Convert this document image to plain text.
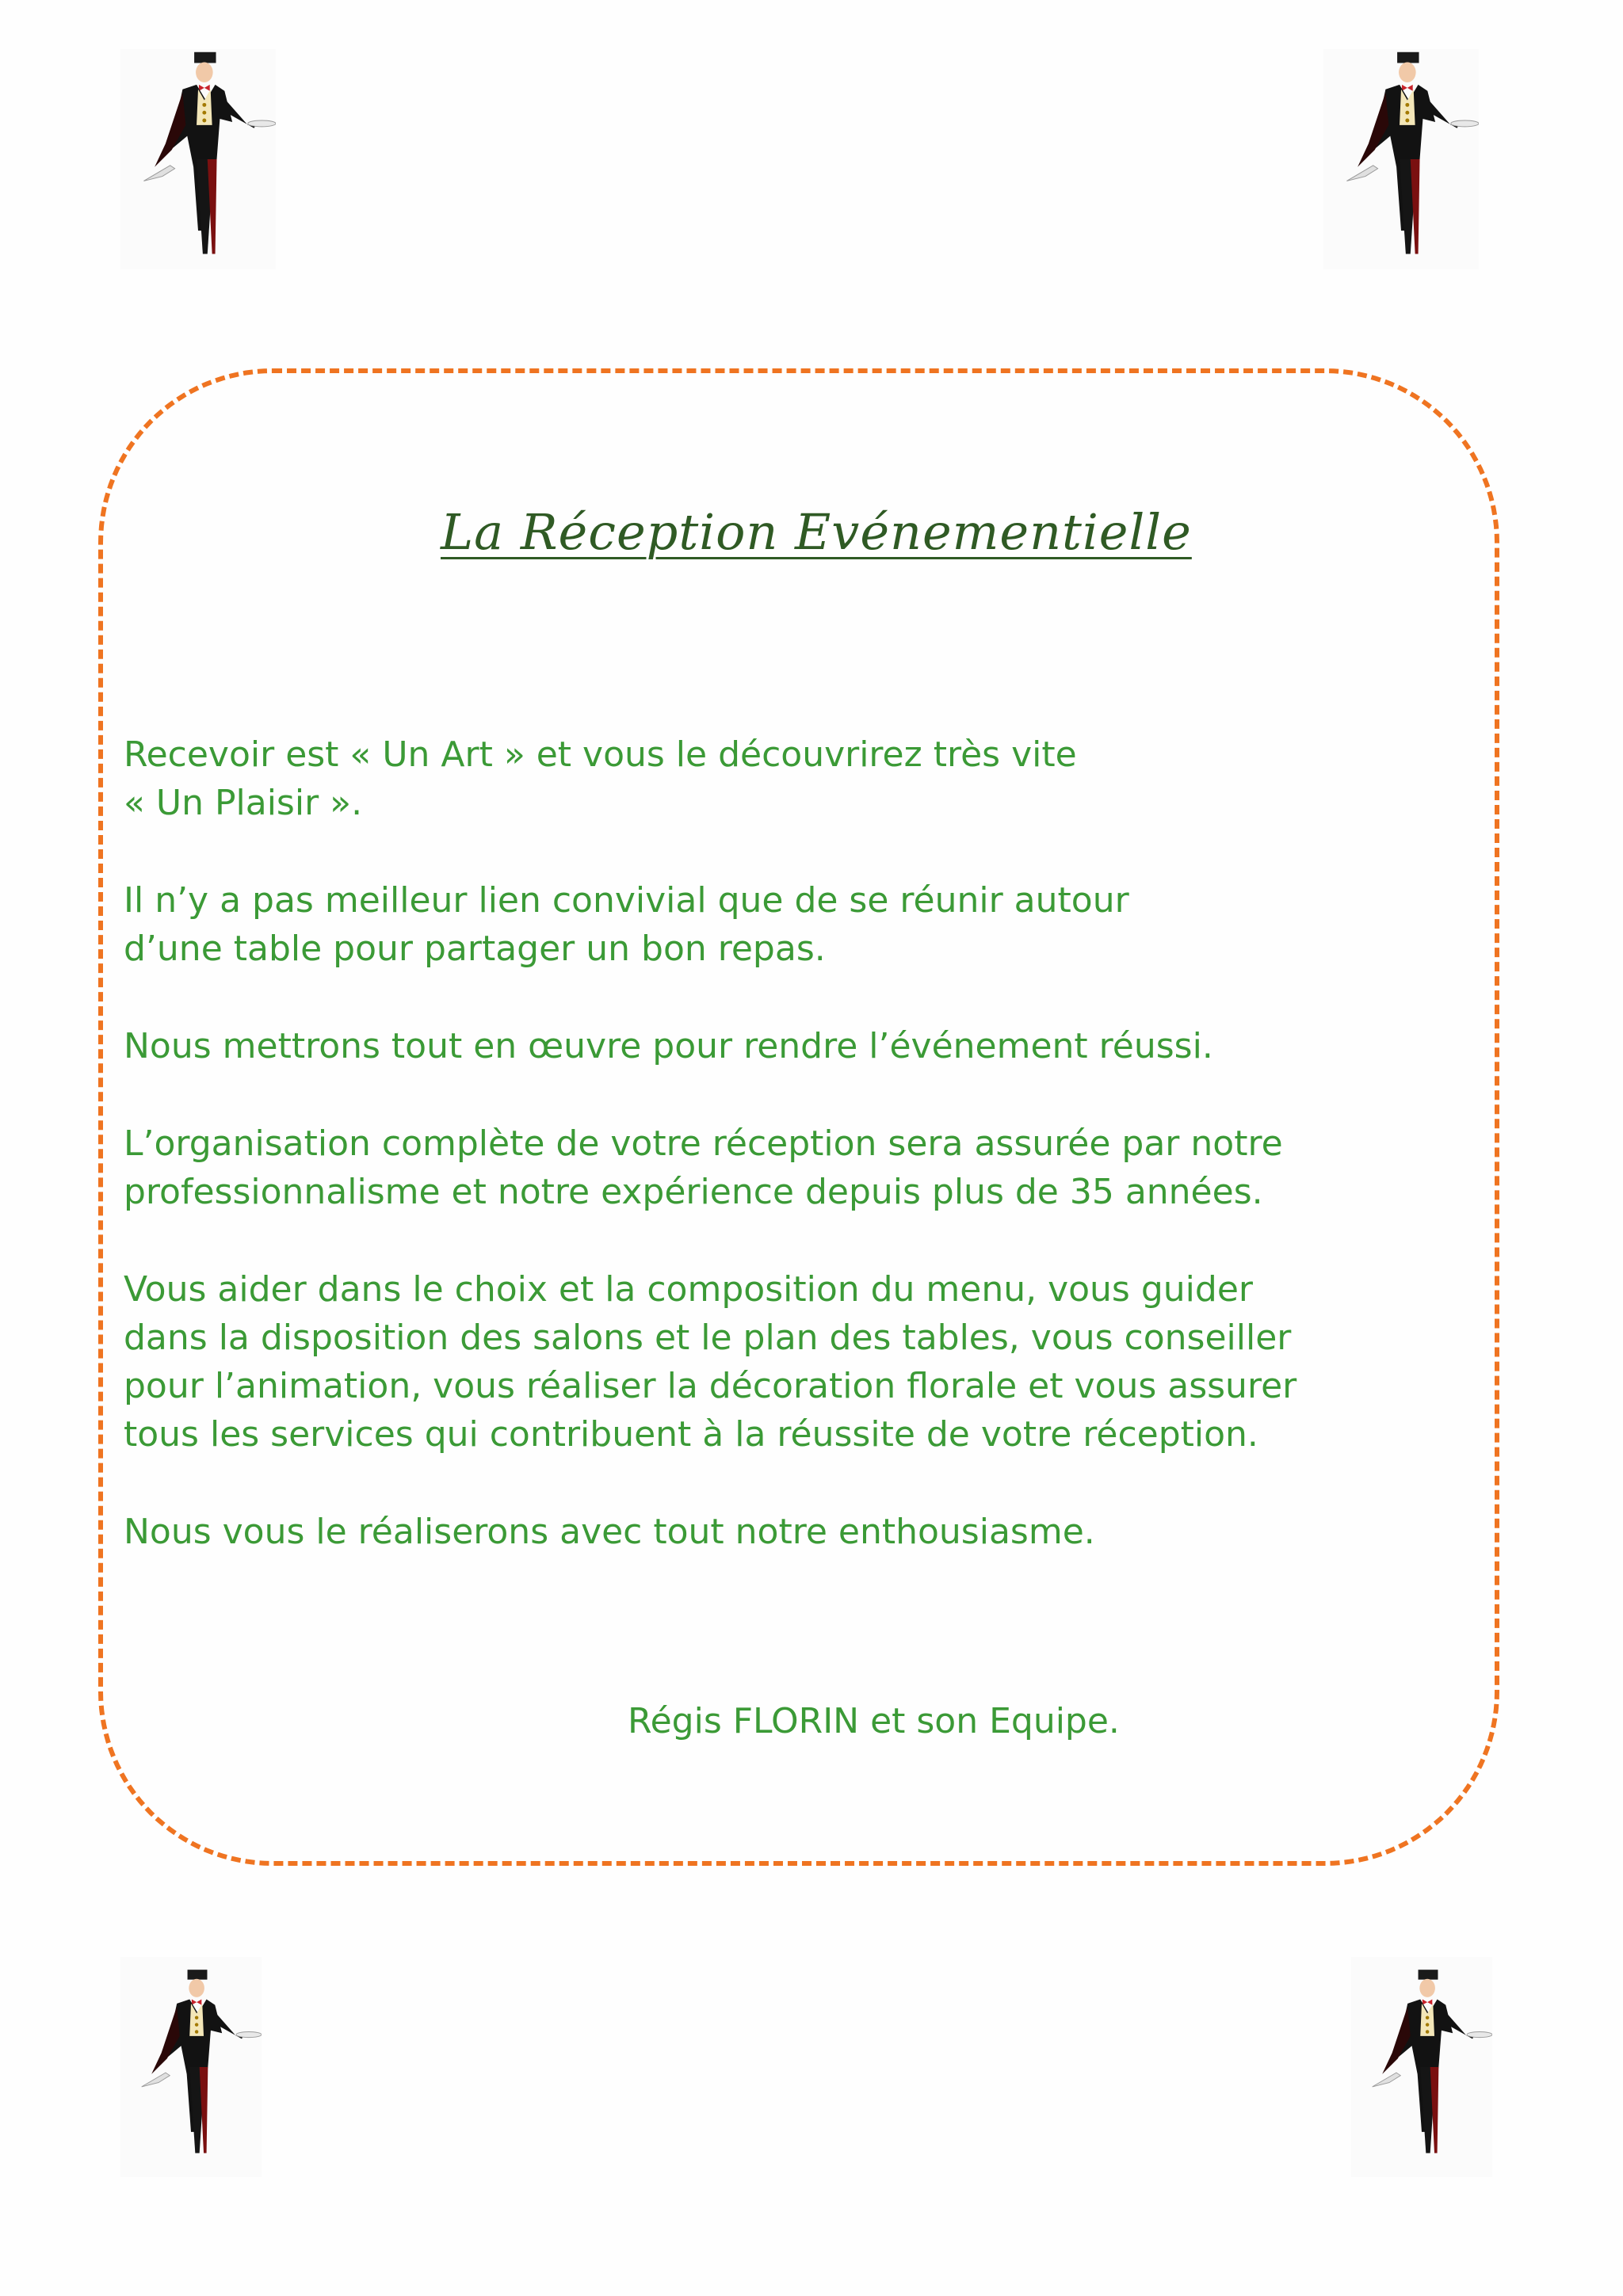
La Réception Evénementielle

Recevoir est « Un Art » et vous le découvrirez très vite
« Un Plaisir ».

Il n’y a pas meilleur lien convivial que de se réunir autour
d’une table pour partager un bon repas.

Nous mettrons tout en œuvre pour rendre l’événement réussi.

L’organisation complète de votre réception sera assurée par notre
professionnalisme et notre expérience depuis plus de 35 années.

Vous aider dans le choix et la composition du menu, vous guider
dans la disposition des salons et le plan des tables, vous conseiller
pour l’animation, vous réaliser la décoration florale et vous assurer
tous les services qui contribuent à la réussite de votre réception.

Nous vous le réaliserons avec tout notre enthousiasme.

Régis FLORIN et son Equipe.
